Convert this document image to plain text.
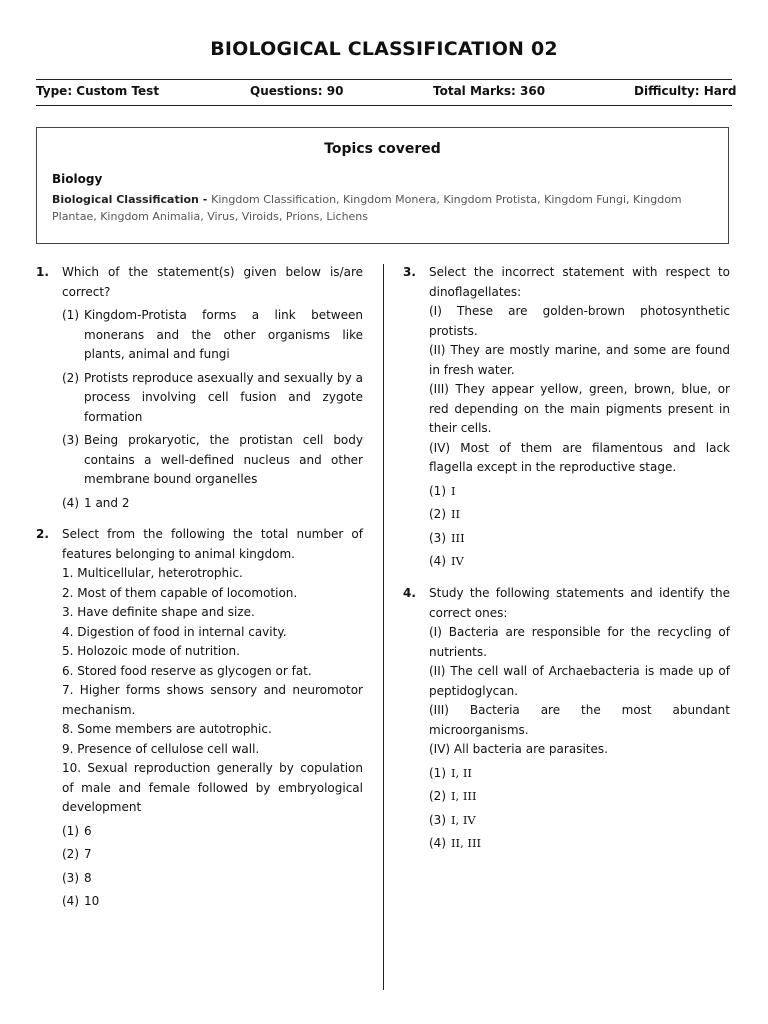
BIOLOGICAL CLASSIFICATION 02
Type: Custom Test	Questions: 90	Total Marks: 360	Difficulty: Hard
Topics covered
Biology
Biological Classification - Kingdom Classification, Kingdom Monera, Kingdom Protista, Kingdom Fungi, Kingdom Plantae, Kingdom Animalia, Virus, Viroids, Prions, Lichens
1. Which of the statement(s) given below is/are correct?
(1) Kingdom-Protista forms a link between monerans and the other organisms like plants, animal and fungi
(2) Protists reproduce asexually and sexually by a process involving cell fusion and zygote formation
(3) Being prokaryotic, the protistan cell body contains a well-defined nucleus and other membrane bound organelles
(4) 1 and 2
2. Select from the following the total number of features belonging to animal kingdom.
1. Multicellular, heterotrophic.
2. Most of them capable of locomotion.
3. Have definite shape and size.
4. Digestion of food in internal cavity.
5. Holozoic mode of nutrition.
6. Stored food reserve as glycogen or fat.
7. Higher forms shows sensory and neuromotor mechanism.
8. Some members are autotrophic.
9. Presence of cellulose cell wall.
10. Sexual reproduction generally by copulation of male and female followed by embryological development
(1) 6
(2) 7
(3) 8
(4) 10
3. Select the incorrect statement with respect to dinoflagellates:
(I) These are golden-brown photosynthetic protists.
(II) They are mostly marine, and some are found in fresh water.
(III) They appear yellow, green, brown, blue, or red depending on the main pigments present in their cells.
(IV) Most of them are filamentous and lack flagella except in the reproductive stage.
(1) I
(2) II
(3) III
(4) IV
4. Study the following statements and identify the correct ones:
(I) Bacteria are responsible for the recycling of nutrients.
(II) The cell wall of Archaebacteria is made up of peptidoglycan.
(III) Bacteria are the most abundant microorganisms.
(IV) All bacteria are parasites.
(1) I, II
(2) I, III
(3) I, IV
(4) II, III
